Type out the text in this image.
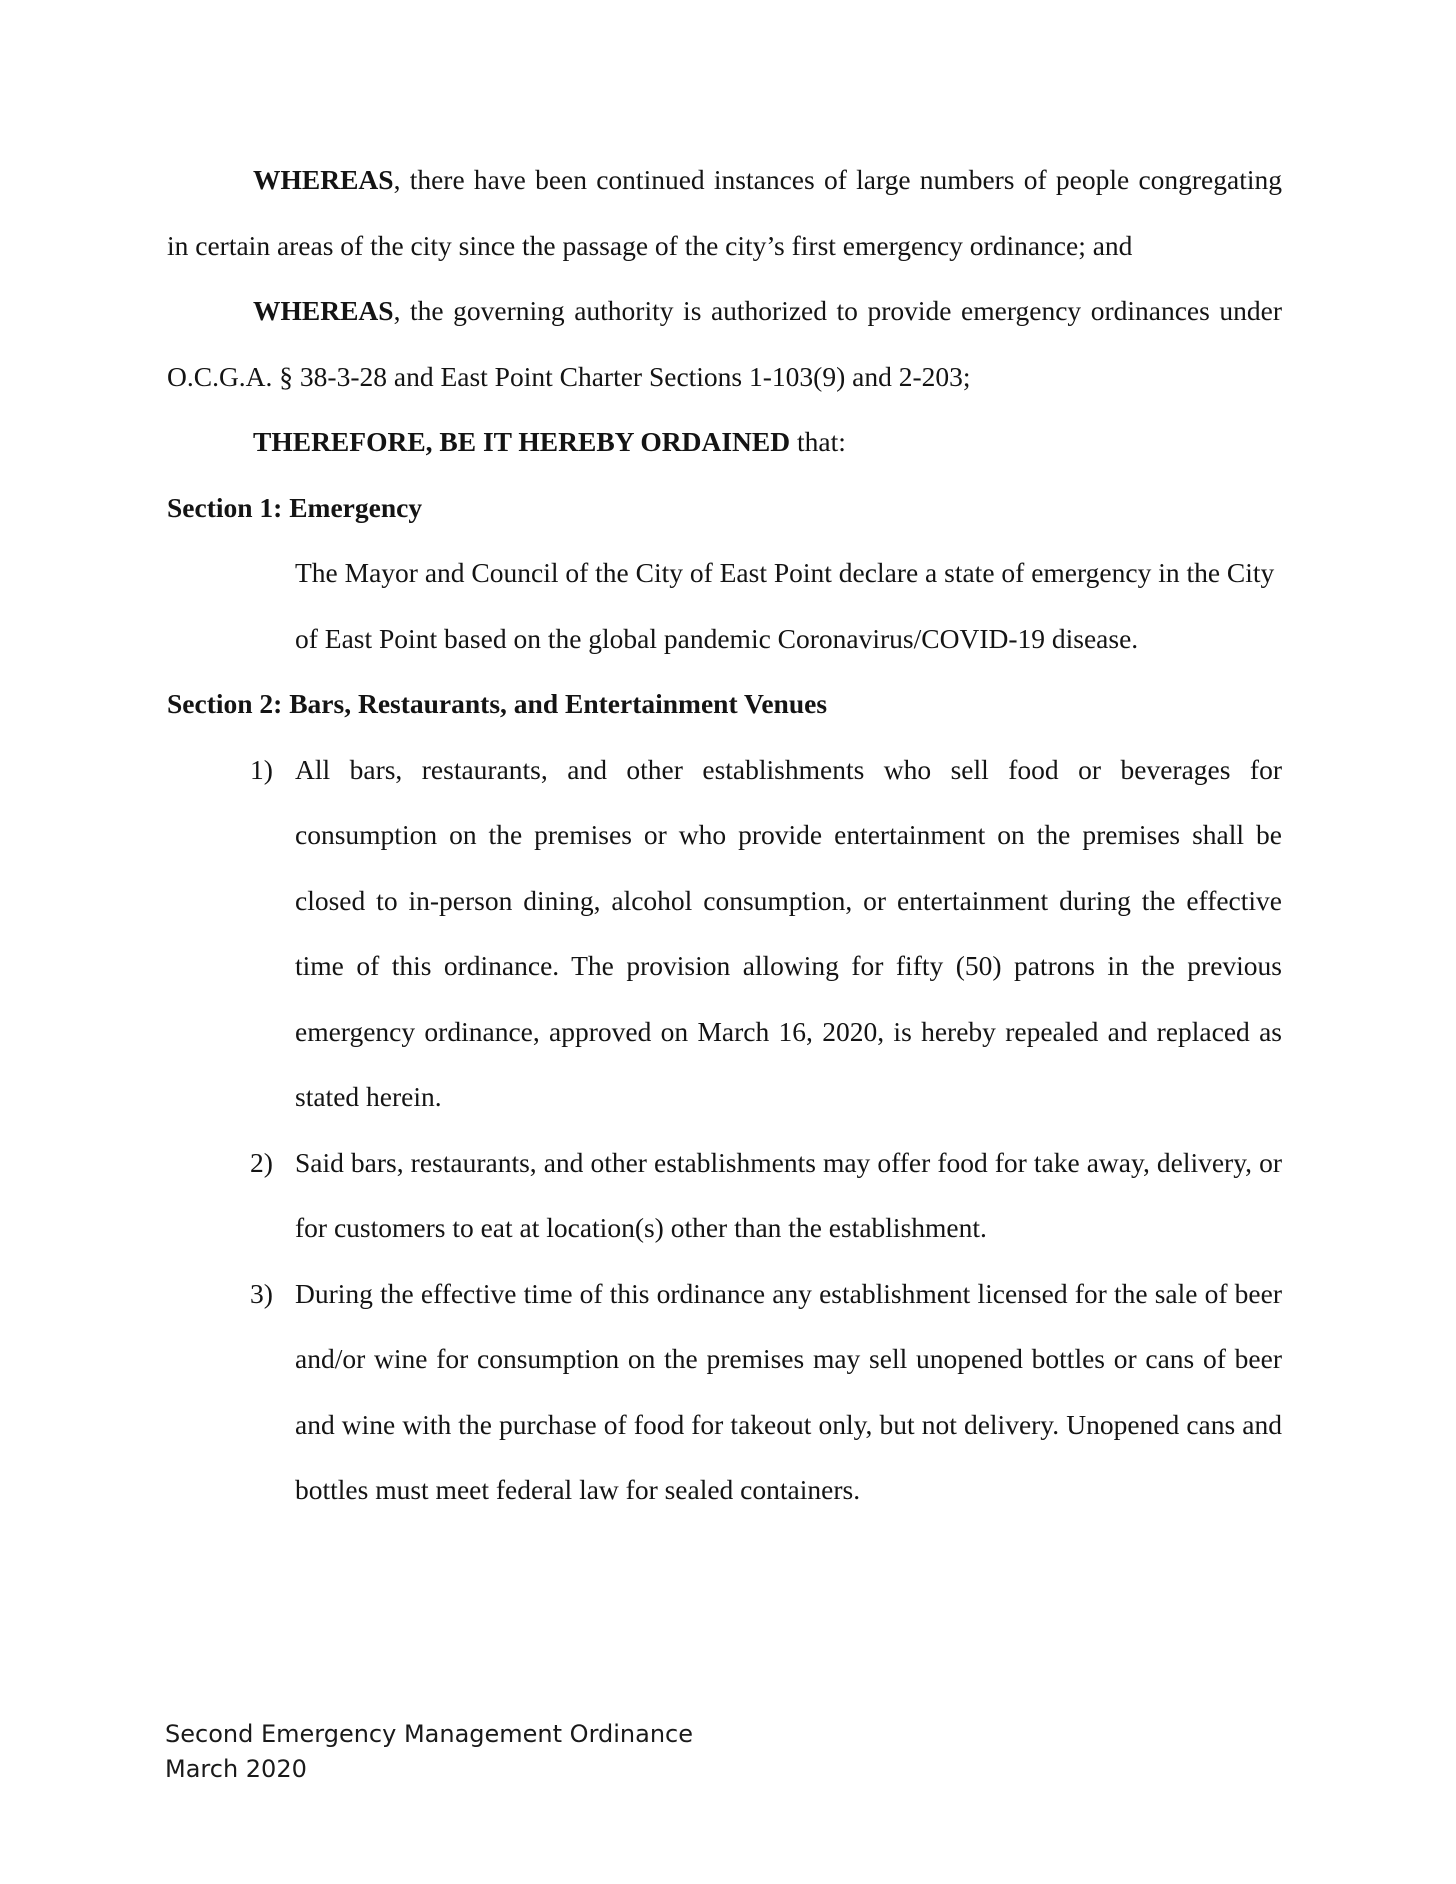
WHEREAS, there have been continued instances of large numbers of people congregating in certain areas of the city since the passage of the city’s first emergency ordinance; and

WHEREAS, the governing authority is authorized to provide emergency ordinances under O.C.G.A. § 38-3-28 and East Point Charter Sections 1-103(9) and 2-203;

THEREFORE, BE IT HEREBY ORDAINED that:

Section 1: Emergency

The Mayor and Council of the City of East Point declare a state of emergency in the City of East Point based on the global pandemic Coronavirus/COVID-19 disease.

Section 2: Bars, Restaurants, and Entertainment Venues

1) All bars, restaurants, and other establishments who sell food or beverages for consumption on the premises or who provide entertainment on the premises shall be closed to in-person dining, alcohol consumption, or entertainment during the effective time of this ordinance. The provision allowing for fifty (50) patrons in the previous emergency ordinance, approved on March 16, 2020, is hereby repealed and replaced as stated herein.
2) Said bars, restaurants, and other establishments may offer food for take away, delivery, or for customers to eat at location(s) other than the establishment.
3) During the effective time of this ordinance any establishment licensed for the sale of beer and/or wine for consumption on the premises may sell unopened bottles or cans of beer and wine with the purchase of food for takeout only, but not delivery. Unopened cans and bottles must meet federal law for sealed containers.
Second Emergency Management Ordinance
March 2020
